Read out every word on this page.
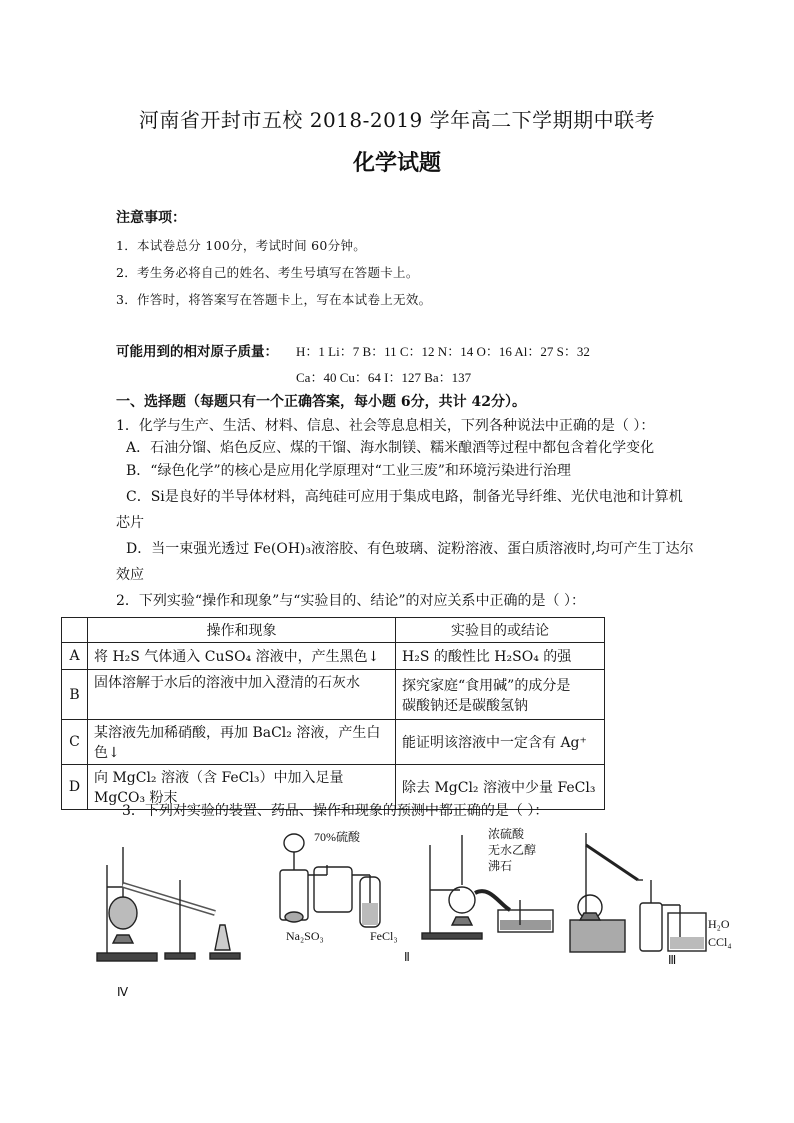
河南省开封市五校 2018-2019 学年高二下学期期中联考
化学试题
注意事项：
1．本试卷总分 100分，考试时间 60分钟。
2．考生务必将自己的姓名、考生号填写在答题卡上。
3．作答时，将答案写在答题卡上，写在本试卷上无效。
可能用到的相对原子质量： H：1 Li：7 B：11 C：12 N：14 O：16 Al：27 S：32
Ca：40 Cu：64 I：127 Ba：137
一、选择题（每题只有一个正确答案，每小题 6分，共计 42分）。
1．化学与生产、生活、材料、信息、社会等息息相关，下列各种说法中正确的是（ ）：
A．石油分馏、焰色反应、煤的干馏、海水制镁、糯米酿酒等过程中都包含着化学变化
B．“绿色化学”的核心是应用化学原理对“工业三废”和环境污染进行治理
C．Si是良好的半导体材料，高纯硅可应用于集成电路，制备光导纤维、光伏电池和计算机
芯片
D．当一束强光透过 Fe(OH)₃液溶胶、有色玻璃、淀粉溶液、蛋白质溶液时,均可产生丁达尔
效应
2．下列实验“操作和现象”与“实验目的、结论”的对应关系中正确的是（ ）：
	操作和现象	实验目的或结论
A	将 H₂S 气体通入 CuSO₄ 溶液中，产生黑色↓	H₂S 的酸性比 H₂SO₄ 的强
B	固体溶解于水后的溶液中加入澄清的石灰水	探究家庭“食用碱”的成分是
碳酸钠还是碳酸氢钠
C	某溶液先加稀硝酸，再加 BaCl₂ 溶液，产生白色↓	能证明该溶液中一定含有 Ag⁺
D	向 MgCl₂ 溶液（含 FeCl₃）中加入足量 MgCO₃ 粉末	除去 MgCl₂ 溶液中少量 FeCl₃
3．下列对实验的装置、药品、操作和现象的预测中都正确的是（ ）：
Ⅳ
70%硫酸
Na₂SO₃	FeCl₃
浓硫酸
无水乙醇
沸石
Ⅱ
H₂O
CCl₄
Ⅲ
